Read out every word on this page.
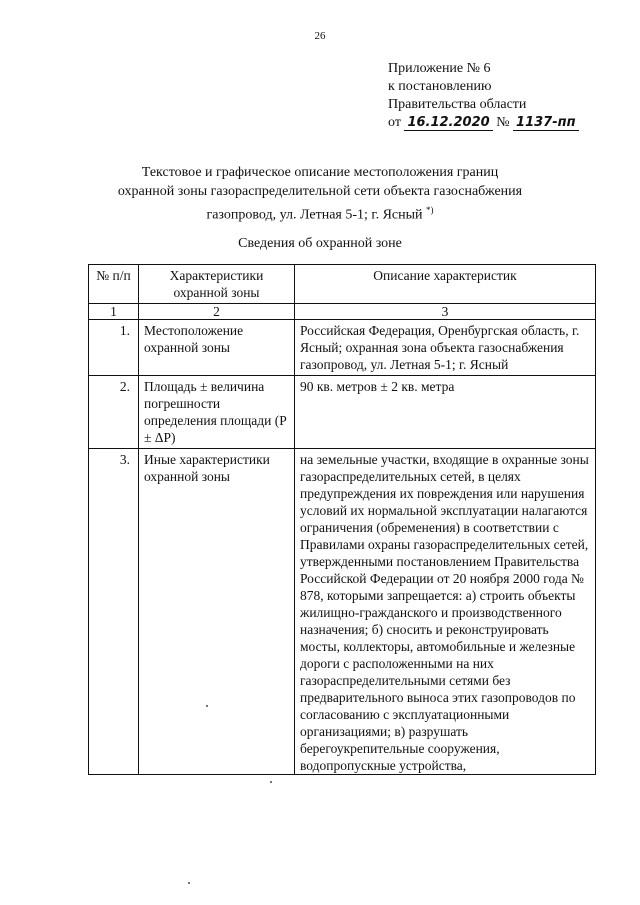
26
Приложение № 6
к постановлению
Правительства области
от 16.12.2020 № 1137-пп
Текстовое и графическое описание местоположения границ
охранной зоны газораспределительной сети объекта газоснабжения
газопровод, ул. Летная 5-1; г. Ясный *)
Сведения об охранной зоне
№ п/п	Характеристики охранной зоны	Описание характеристик
1	2	3
1.	Местоположение охранной зоны	Российская Федерация, Оренбургская область, г. Ясный; охранная зона объекта газоснабжения газопровод, ул. Летная 5-1; г. Ясный
2.	Площадь ± величина погрешности определения площади (P ± ΔP)	90 кв. метров ± 2 кв. метра
3.	Иные характеристики охранной зоны	на земельные участки, входящие в охранные зоны газораспределительных сетей, в целях предупреждения их повреждения или нарушения условий их нормальной эксплуатации налагаются ограничения (обременения) в соответствии с Правилами охраны газораспределительных сетей, утвержденными постановлением Правительства Российской Федерации от 20 ноября 2000 года № 878, которыми запрещается: а) строить объекты жилищно-гражданского и производственного назначения; б) сносить и реконструировать мосты, коллекторы, автомобильные и железные дороги с расположенными на них газораспределительными сетями без предварительного выноса этих газопроводов по согласованию с эксплуатационными организациями; в) разрушать берегоукрепительные сооружения, водопропускные устройства,
